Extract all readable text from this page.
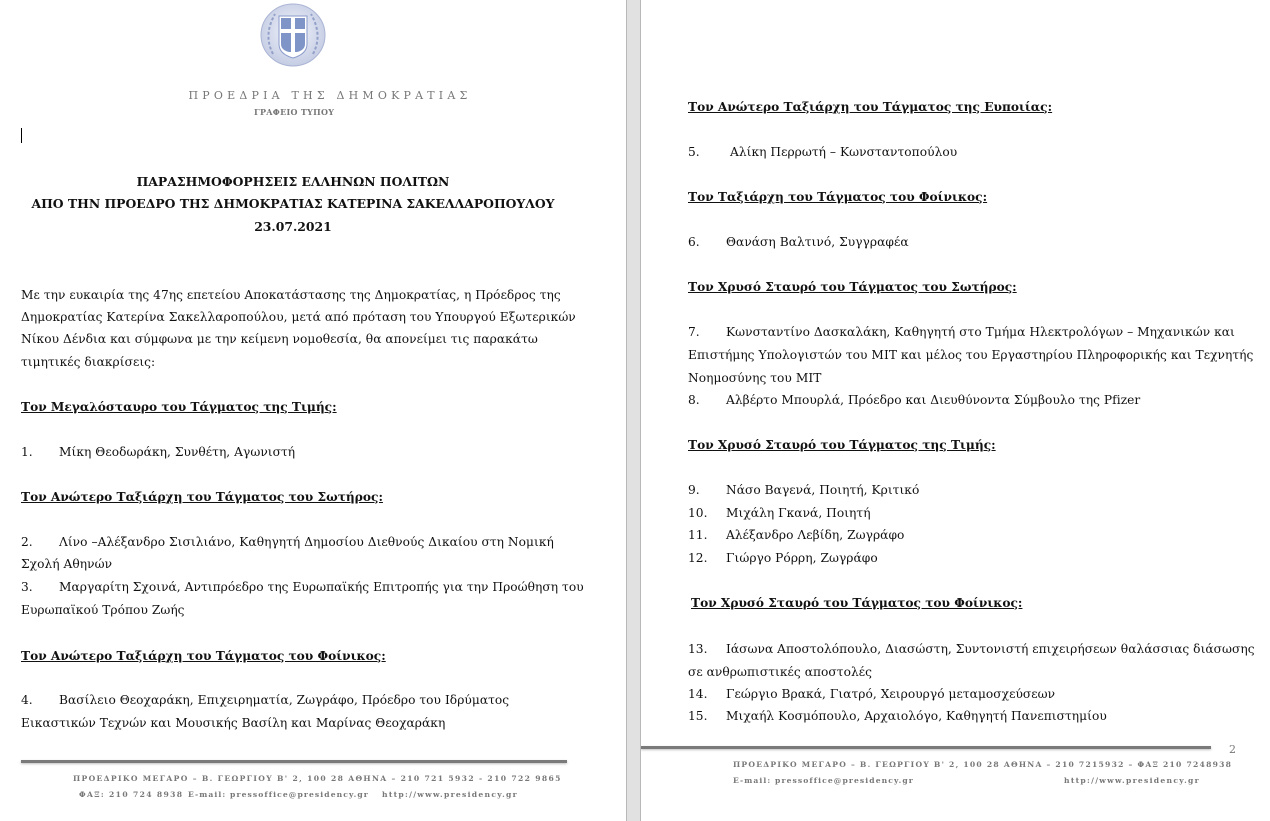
ΠΡΟΕΔΡΙΑ ΤΗΣ ΔΗΜΟΚΡΑΤΙΑΣ
ΓΡΑΦΕΙΟ ΤΥΠΟΥ
ΠΑΡΑΣΗΜΟΦΟΡΗΣΕΙΣ ΕΛΛΗΝΩΝ ΠΟΛΙΤΩΝ
ΑΠΟ ΤΗΝ ΠΡΟΕΔΡΟ ΤΗΣ ΔΗΜΟΚΡΑΤΙΑΣ ΚΑΤΕΡΙΝΑ ΣΑΚΕΛΛΑΡΟΠΟΥΛΟΥ
23.07.2021
Με την ευκαιρία της 47ης επετείου Αποκατάστασης της Δημοκρατίας, η Πρόεδρος της
Δημοκρατίας Κατερίνα Σακελλαροπούλου, μετά από πρόταση του Υπουργού Εξωτερικών
Νίκου Δένδια και σύμφωνα με την κείμενη νομοθεσία, θα απονείμει τις παρακάτω
τιμητικές διακρίσεις:
Τον Μεγαλόσταυρο του Τάγματος της Τιμής:
1. Μίκη Θεοδωράκη, Συνθέτη, Αγωνιστή
Τον Ανώτερο Ταξιάρχη του Τάγματος του Σωτήρος:
2. Λίνο –Αλέξανδρο Σισιλιάνο, Καθηγητή Δημοσίου Διεθνούς Δικαίου στη Νομική
Σχολή Αθηνών
3. Μαργαρίτη Σχοινά, Αντιπρόεδρο της Ευρωπαϊκής Επιτροπής για την Προώθηση του
Ευρωπαϊκού Τρόπου Ζωής
Τον Ανώτερο Ταξιάρχη του Τάγματος του Φοίνικος:
4. Βασίλειο Θεοχαράκη, Επιχειρηματία, Ζωγράφο, Πρόεδρο του Ιδρύματος
Εικαστικών Τεχνών και Μουσικής Βασίλη και Μαρίνας Θεοχαράκη
ΠΡΟΕΔΡΙΚΟ ΜΕΓΑΡΟ – Β. ΓΕΩΡΓΙΟΥ Β' 2, 100 28 ΑΘΗΝΑ – 210 721 5932 - 210 722 9865
ΦΑΞ: 210 724 8938 E-mail: pressoffice@presidency.gr http://www.presidency.gr
Τον Ανώτερο Ταξιάρχη του Τάγματος της Ευποιίας:
5. Αλίκη Περρωτή – Κωνσταντοπούλου
Τον Ταξιάρχη του Τάγματος του Φοίνικος:
6. Θανάση Βαλτινό, Συγγραφέα
Τον Χρυσό Σταυρό του Τάγματος του Σωτήρος:
7. Κωνσταντίνο Δασκαλάκη, Καθηγητή στο Τμήμα Ηλεκτρολόγων – Μηχανικών και
Επιστήμης Υπολογιστών του MIT και μέλος του Εργαστηρίου Πληροφορικής και Τεχνητής
Νοημοσύνης του MIT
8. Αλβέρτο Μπουρλά, Πρόεδρο και Διευθύνοντα Σύμβουλο της Pfizer
Τον Χρυσό Σταυρό του Τάγματος της Τιμής:
9. Νάσο Βαγενά, Ποιητή, Κριτικό
10. Μιχάλη Γκανά, Ποιητή
11. Αλέξανδρο Λεβίδη, Ζωγράφο
12. Γιώργο Ρόρρη, Ζωγράφο
Τον Χρυσό Σταυρό του Τάγματος του Φοίνικος:
13. Ιάσωνα Αποστολόπουλο, Διασώστη, Συντονιστή επιχειρήσεων θαλάσσιας διάσωσης
σε ανθρωπιστικές αποστολές
14. Γεώργιο Βρακά, Γιατρό, Χειρουργό μεταμοσχεύσεων
15. Μιχαήλ Κοσμόπουλο, Αρχαιολόγο, Καθηγητή Πανεπιστημίου
2
ΠΡΟΕΔΡΙΚΟ ΜΕΓΑΡΟ – Β. ΓΕΩΡΓΙΟΥ Β' 2, 100 28 ΑΘΗΝΑ – 210 7215932 – ΦΑΞ 210 7248938
E-mail: pressoffice@presidency.gr	http://www.presidency.gr
